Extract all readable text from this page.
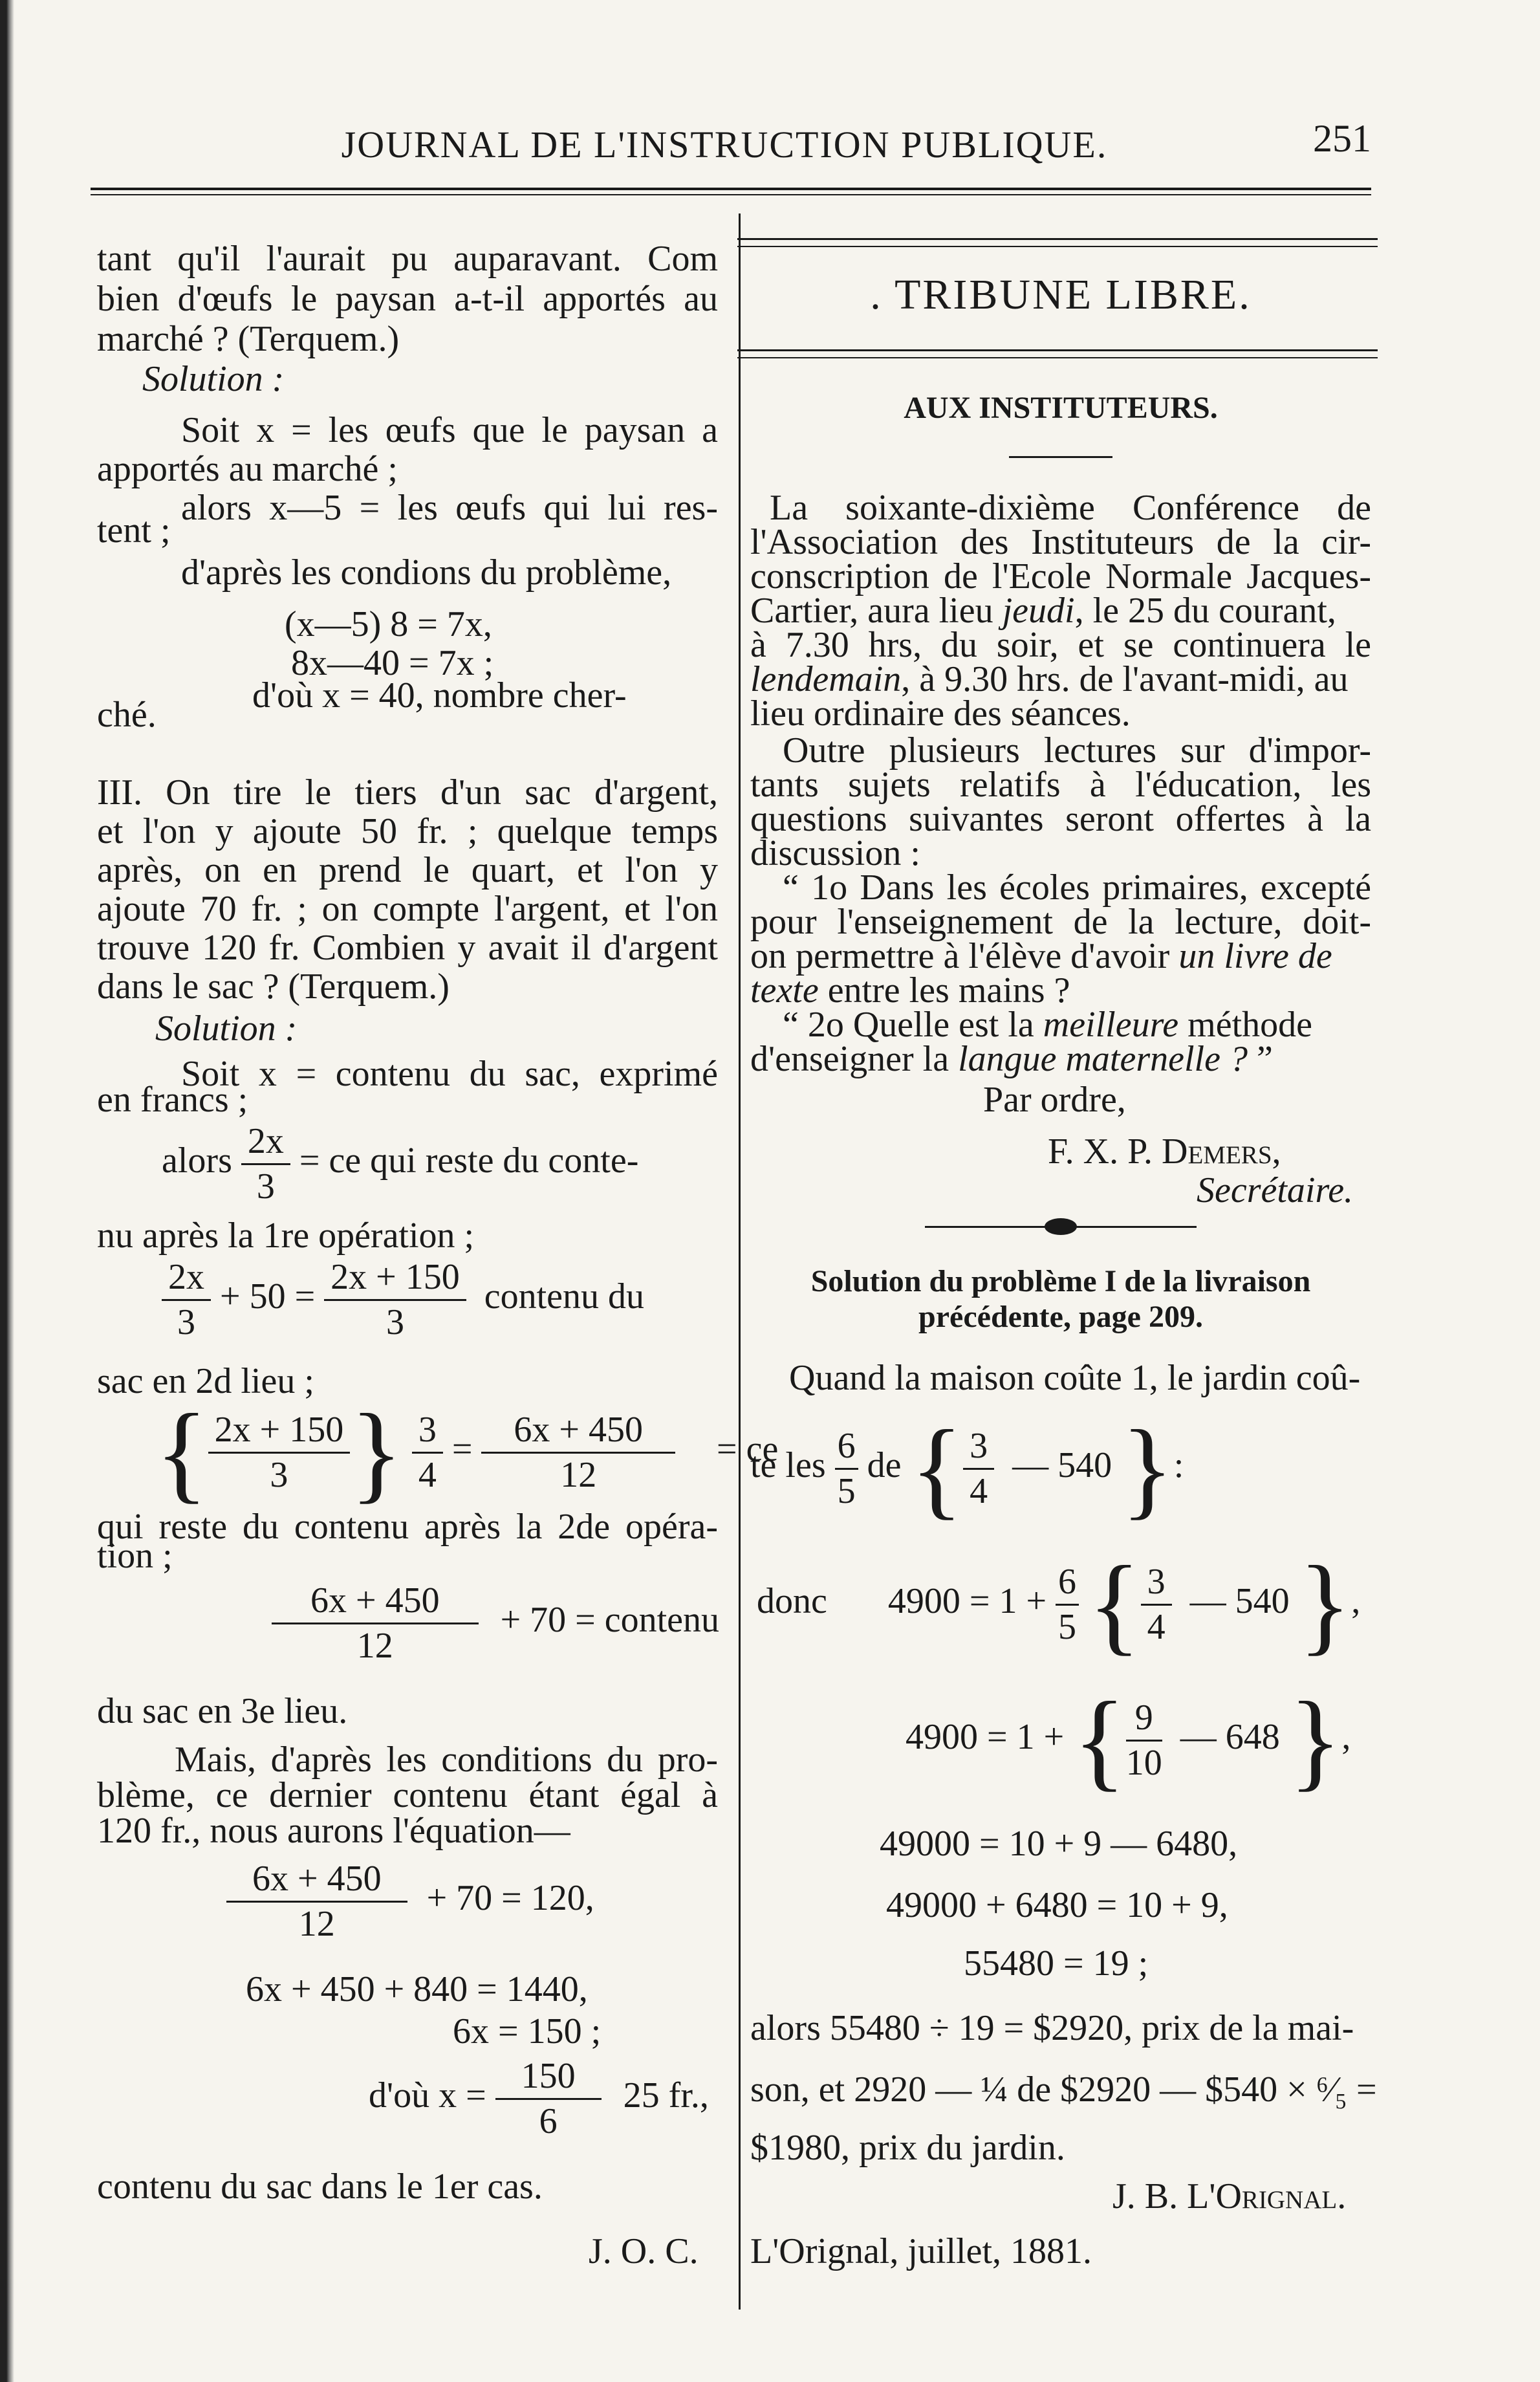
JOURNAL DE L'INSTRUCTION PUBLIQUE.	251
tant qu'il l'aurait pu auparavant. Com
bien d'œufs le paysan a-t-il apportés au
marché ? (Terquem.)
Solution :
Soit x = les œufs que le paysan a
apportés au marché ;
alors x—5 = les œufs qui lui res-
tent ;
d'après les condions du problème,
(x—5) 8 = 7x,
8x—40 = 7x ;
d'où x = 40, nombre cher-
ché.
III. On tire le tiers d'un sac d'argent,
et l'on y ajoute 50 fr. ; quelque temps
après, on en prend le quart, et l'on y
ajoute 70 fr. ; on compte l'argent, et l'on
trouve 120 fr. Combien y avait il d'argent
dans le sac ? (Terquem.)
Solution :
Soit x = contenu du sac, exprimé
en francs ;
alors $\frac{2x}{3}$ = ce qui reste du conte-
nu après la 1re opération ;
$\frac{2x}{3} + 50 = \frac{2x + 150}{3}$ contenu du
sac en 2d lieu ;
{ $\frac{2x + 150}{3}$ } $\frac{3}{4} = \frac{6x + 450}{12}$ = ce
qui reste du contenu après la 2de opéra-
tion ;
$\frac{6x + 450}{12} + 70$ = contenu
du sac en 3e lieu.
Mais, d'après les conditions du pro-
blème, ce dernier contenu étant égal à
120 fr., nous aurons l'équation—
$\frac{6x + 450}{12} + 70 = 120$,
6x + 450 + 840 = 1440,
6x = 150 ;
d'où $x = \frac{150}{6} 25$ fr.,
contenu du sac dans le 1er cas.
J. O. C.
. TRIBUNE LIBRE.
AUX INSTITUTEURS.
La soixante-dixième Conférence de
l'Association des Instituteurs de la cir-
conscription de l'Ecole Normale Jacques-
Cartier, aura lieu jeudi, le 25 du courant,
à 7.30 hrs, du soir, et se continuera le
lendemain, à 9.30 hrs. de l'avant-midi, au
lieu ordinaire des séances.
Outre plusieurs lectures sur d'impor-
tants sujets relatifs à l'éducation, les
questions suivantes seront offertes à la
discussion :
“ 1o Dans les écoles primaires, excepté
pour l'enseignement de la lecture, doit-
on permettre à l'élève d'avoir un livre de
texte entre les mains ?
“ 2o Quelle est la meilleure méthode
d'enseigner la langue maternelle ? ”
Par ordre,
F. X. P. Demers,
Secrétaire.
Solution du problème I de la livraison
précédente, page 209.
Quand la maison coûte 1, le jardin coû-
te les $\frac{6}{5}$ de { $\frac{3}{4}$ — 540}:
donc $4900 = 1 + \frac{6}{5}$ { $\frac{3}{4}$ — 540},
4900 = 1 + { $\frac{9}{10}$ — 648},
49000 = 10 + 9 — 6480,
49000 + 6480 = 10 + 9,
55480 = 19 ;
alors 55480 ÷ 19 = $2920, prix de la mai-
son, et 2920 — ¼ de $2920 — $540 × ⁶⁄₅ =
$1980, prix du jardin.
J. B. L'Orignal.
L'Orignal, juillet, 1881.
